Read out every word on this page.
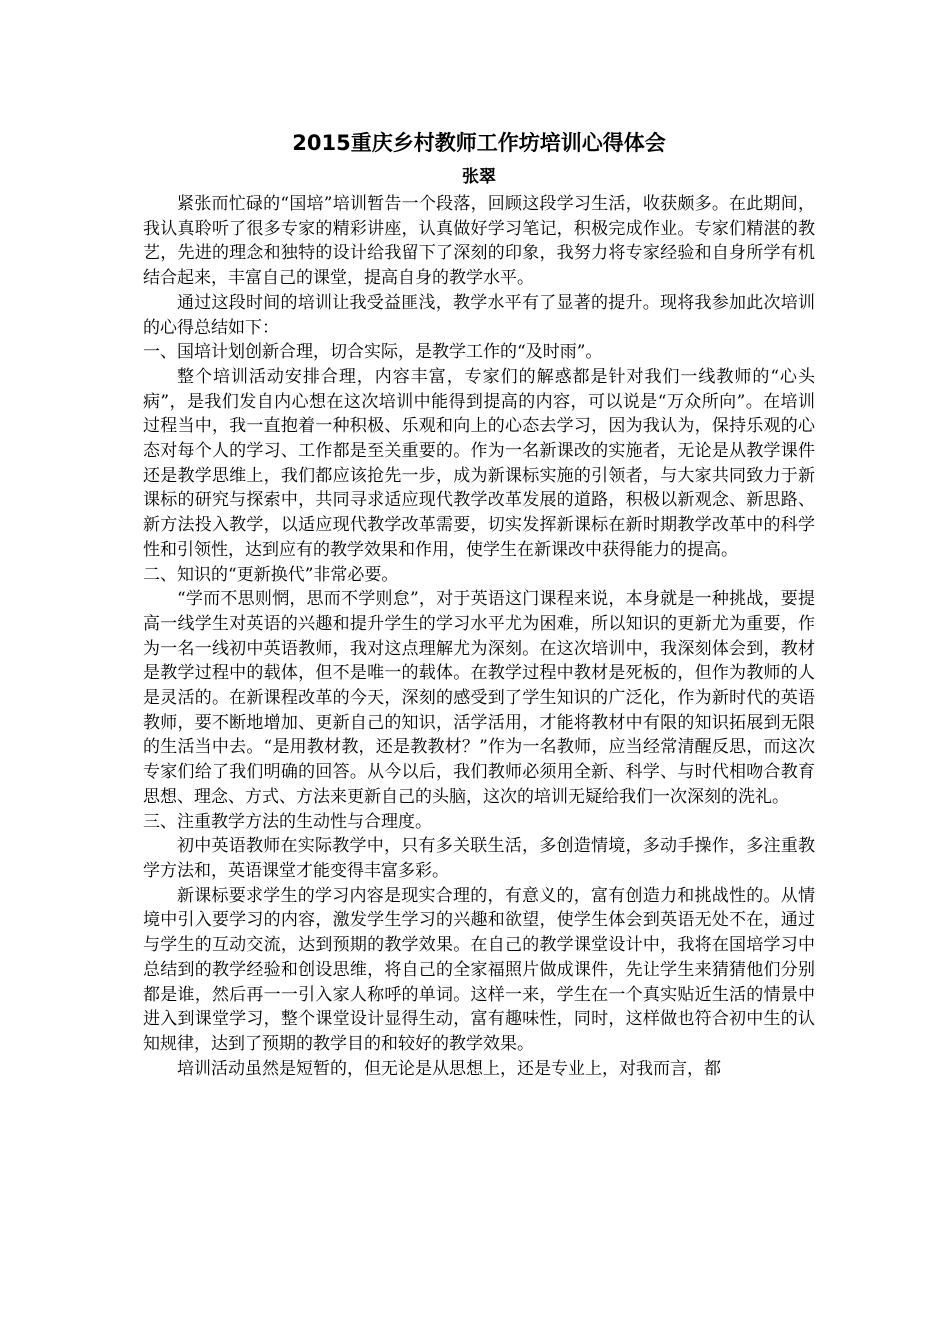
2015重庆乡村教师工作坊培训心得体会
张翠

紧张而忙碌的“国培”培训暂告一个段落，回顾这段学习生活，收获颇多。在此期间，我认真聆听了很多专家的精彩讲座，认真做好学习笔记，积极完成作业。专家们精湛的教艺，先进的理念和独特的设计给我留下了深刻的印象，我努力将专家经验和自身所学有机结合起来，丰富自己的课堂，提高自身的教学水平。

通过这段时间的培训让我受益匪浅，教学水平有了显著的提升。现将我参加此次培训的心得总结如下：

一、国培计划创新合理，切合实际，是教学工作的“及时雨”。

整个培训活动安排合理，内容丰富，专家们的解惑都是针对我们一线教师的“心头病”，是我们发自内心想在这次培训中能得到提高的内容，可以说是“万众所向”。在培训过程当中，我一直抱着一种积极、乐观和向上的心态去学习，因为我认为，保持乐观的心态对每个人的学习、工作都是至关重要的。作为一名新课改的实施者，无论是从教学课件还是教学思维上，我们都应该抢先一步，成为新课标实施的引领者，与大家共同致力于新课标的研究与探索中，共同寻求适应现代教学改革发展的道路，积极以新观念、新思路、新方法投入教学，以适应现代教学改革需要，切实发挥新课标在新时期教学改革中的科学性和引领性，达到应有的教学效果和作用，使学生在新课改中获得能力的提高。

二、知识的“更新换代”非常必要。

“学而不思则惘，思而不学则怠”，对于英语这门课程来说，本身就是一种挑战，要提高一线学生对英语的兴趣和提升学生的学习水平尤为困难，所以知识的更新尤为重要，作为一名一线初中英语教师，我对这点理解尤为深刻。在这次培训中，我深刻体会到，教材是教学过程中的载体，但不是唯一的载体。在教学过程中教材是死板的，但作为教师的人是灵活的。在新课程改革的今天，深刻的感受到了学生知识的广泛化，作为新时代的英语教师，要不断地增加、更新自己的知识，活学活用，才能将教材中有限的知识拓展到无限的生活当中去。“是用教材教，还是教教材？”作为一名教师，应当经常清醒反思，而这次专家们给了我们明确的回答。从今以后，我们教师必须用全新、科学、与时代相吻合教育思想、理念、方式、方法来更新自己的头脑，这次的培训无疑给我们一次深刻的洗礼。

三、注重教学方法的生动性与合理度。

初中英语教师在实际教学中，只有多关联生活，多创造情境，多动手操作，多注重教学方法和，英语课堂才能变得丰富多彩。

新课标要求学生的学习内容是现实合理的，有意义的，富有创造力和挑战性的。从情境中引入要学习的内容，激发学生学习的兴趣和欲望，使学生体会到英语无处不在，通过与学生的互动交流，达到预期的教学效果。在自己的教学课堂设计中，我将在国培学习中总结到的教学经验和创设思维，将自己的全家福照片做成课件，先让学生来猜猜他们分别都是谁，然后再一一引入家人称呼的单词。这样一来，学生在一个真实贴近生活的情景中进入到课堂学习，整个课堂设计显得生动，富有趣味性，同时，这样做也符合初中生的认知规律，达到了预期的教学目的和较好的教学效果。

培训活动虽然是短暂的，但无论是从思想上，还是专业上，对我而言，都
